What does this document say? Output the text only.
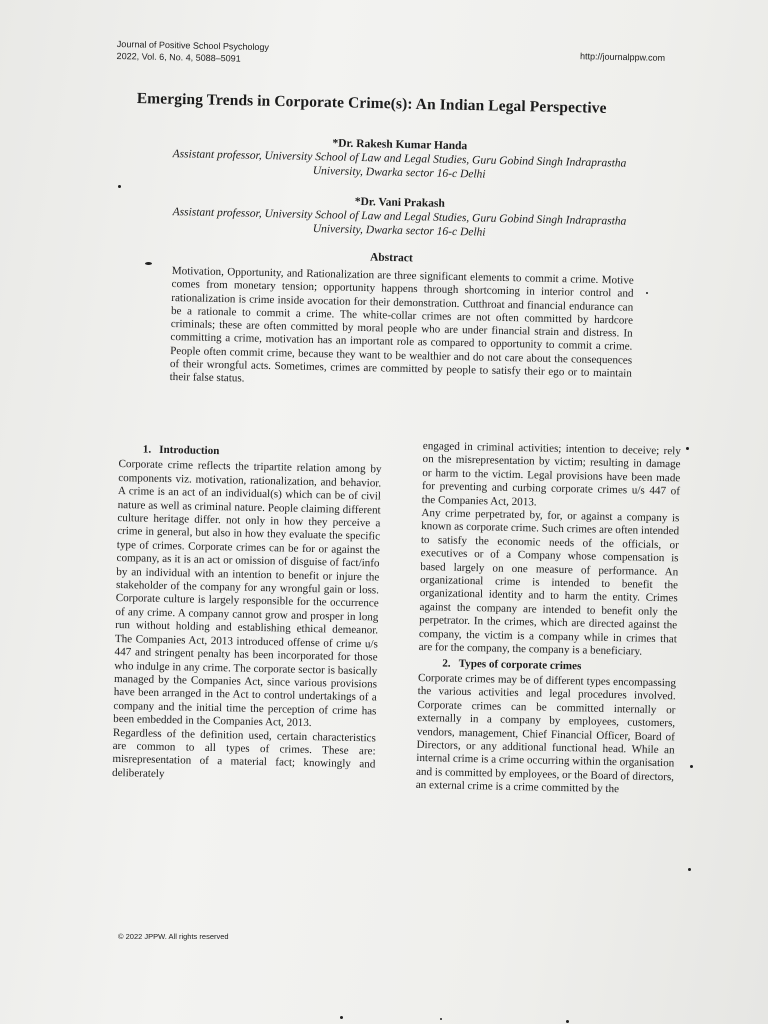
Journal of Positive School Psychology
2022, Vol. 6, No. 4, 5088–5091	http://journalppw.com
Emerging Trends in Corporate Crime(s): An Indian Legal Perspective
*Dr. Rakesh Kumar Handa
Assistant professor, University School of Law and Legal Studies, Guru Gobind Singh Indraprastha
University, Dwarka sector 16-c Delhi
*Dr. Vani Prakash
Assistant professor, University School of Law and Legal Studies, Guru Gobind Singh Indraprastha
University, Dwarka sector 16-c Delhi
Abstract
Motivation, Opportunity, and Rationalization are three significant elements to commit a crime. Motive comes from monetary tension; opportunity happens through shortcoming in interior control and rationalization is crime inside avocation for their demonstration. Cutthroat and financial endurance can be a rationale to commit a crime. The white-collar crimes are not often committed by hardcore criminals; these are often committed by moral people who are under financial strain and distress. In committing a crime, motivation has an important role as compared to opportunity to commit a crime. People often commit crime, because they want to be wealthier and do not care about the consequences of their wrongful acts. Sometimes, crimes are committed by people to satisfy their ego or to maintain their false status.
1. Introduction

Corporate crime reflects the tripartite relation among by components viz. motivation, rationalization, and behavior. A crime is an act of an individual(s) which can be of civil nature as well as criminal nature. People claiming different culture heritage differ. not only in how they perceive a crime in general, but also in how they evaluate the specific type of crimes. Corporate crimes can be for or against the company, as it is an act or omission of disguise of fact/info by an individual with an intention to benefit or injure the stakeholder of the company for any wrongful gain or loss. Corporate culture is largely responsible for the occurrence of any crime. A company cannot grow and prosper in long run without holding and establishing ethical demeanor. The Companies Act, 2013 introduced offense of crime u/s 447 and stringent penalty has been incorporated for those who indulge in any crime. The corporate sector is basically managed by the Companies Act, since various provisions have been arranged in the Act to control undertakings of a company and the initial time the perception of crime has been embedded in the Companies Act, 2013.

Regardless of the definition used, certain characteristics are common to all types of crimes. These are: misrepresentation of a material fact; knowingly and deliberately

engaged in criminal activities; intention to deceive; rely on the misrepresentation by victim; resulting in damage or harm to the victim. Legal provisions have been made for preventing and curbing corporate crimes u/s 447 of the Companies Act, 2013.

Any crime perpetrated by, for, or against a company is known as corporate crime. Such crimes are often intended to satisfy the economic needs of the officials, or executives or of a Company whose compensation is based largely on one measure of performance. An organizational crime is intended to benefit the organizational identity and to harm the entity. Crimes against the company are intended to benefit only the perpetrator. In the crimes, which are directed against the company, the victim is a company while in crimes that are for the company, the company is a beneficiary.

2. Types of corporate crimes

Corporate crimes may be of different types encompassing the various activities and legal procedures involved. Corporate crimes can be committed internally or externally in a company by employees, customers, vendors, management, Chief Financial Officer, Board of Directors, or any additional functional head. While an internal crime is a crime occurring within the organisation and is committed by employees, or the Board of directors, an external crime is a crime committed by the

© 2022 JPPW. All rights reserved
